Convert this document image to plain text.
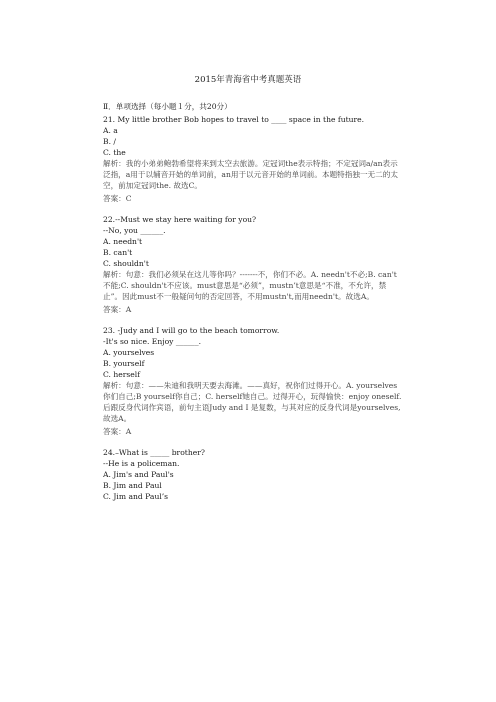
2015年青海省中考真题英语
Ⅱ．单项选择（每小题１分，共20分）
21. My little brother Bob hopes to travel to ____ space in the future.
A. a
B. /
C. the
解析：我的小弟弟鲍勃希望将来到太空去旅游。定冠词the表示特指；不定冠词a/an表示泛指，a用于以辅音开始的单词前，an用于以元音开始的单词前。本题特指独一无二的太空，前加定冠词the. 故选C。
答案：C
22.--Must we stay here waiting for you?
--No, you ______.
A. needn't
B. can't
C. shouldn't
解析：句意：我们必须呆在这儿等你吗？-------不，你们不必。A. needn't不必;B. can't不能;C. shouldn't不应该。must意思是“必须”，mustn’t意思是“不准，不允许，禁止”。因此must不一般疑问句的否定回答，不用mustn't,而用needn't。故选A。
答案：A
23. -Judy and I will go to the beach tomorrow.
-It's so nice. Enjoy ______.
A. yourselves
B. yourself
C. herself
解析：句意：——朱迪和我明天要去海滩。——真好，祝你们过得开心。A. yourselves你们自己;B yourself你自己；C. herself她自己。过得开心，玩得愉快：enjoy oneself.后跟反身代词作宾语，前句主语Judy and I 是复数，与其对应的反身代词是yourselves,故选A。
答案：A
24.–What is _____ brother?
--He is a policeman.
A. Jim's and Paul's
B. Jim and Paul
C. Jim and Paul’s
